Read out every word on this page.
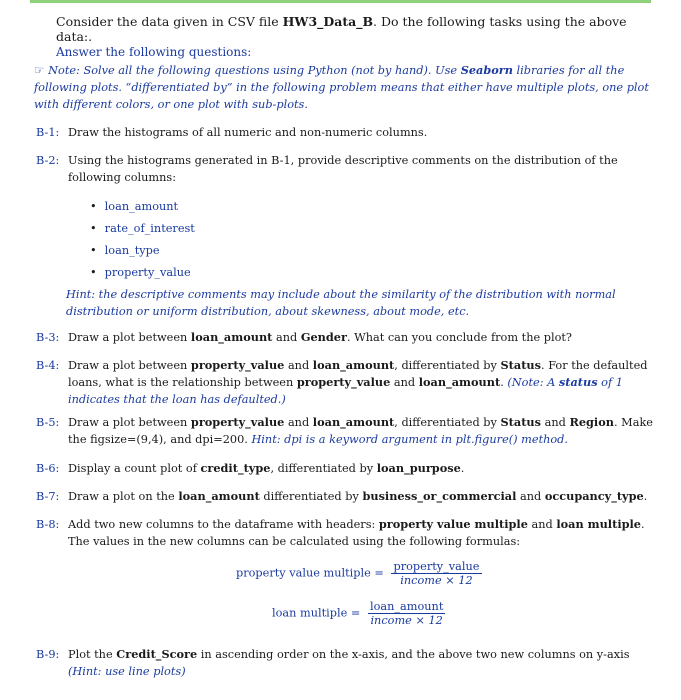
Consider the data given in CSV file HW3_Data_B. Do the following tasks using the above data:.
Answer the following questions:
☞ Note: Solve all the following questions using Python (not by hand). Use Seaborn libraries for all the following plots. “differentiated by” in the following problem means that either have multiple plots, one plot with different colors, or one plot with sub-plots.
B-1: Draw the histograms of all numeric and non-numeric columns.
B-2: Using the histograms generated in B-1, provide descriptive comments on the distribution of the following columns:
• loan_amount
• rate_of_interest
• loan_type
• property_value
Hint: the descriptive comments may include about the similarity of the distribution with normal distribution or uniform distribution, about skewness, about mode, etc.
B-3: Draw a plot between loan_amount and Gender. What can you conclude from the plot?
B-4: Draw a plot between property_value and loan_amount, differentiated by Status. For the defaulted loans, what is the relationship between property_value and loan_amount. (Note: A status of 1 indicates that the loan has defaulted.)
B-5: Draw a plot between property_value and loan_amount, differentiated by Status and Region. Make the figsize=(9,4), and dpi=200. Hint: dpi is a keyword argument in plt.figure() method.
B-6: Display a count plot of credit_type, differentiated by loan_purpose.
B-7: Draw a plot on the loan_amount differentiated by business_or_commercial and occupancy_type.
B-8: Add two new columns to the dataframe with headers: property value multiple and loan multiple. The values in the new columns can be calculated using the following formulas:
property value multiple = $\frac{\text{property\_value}}{\text{income × 12}}$
loan multiple = $\frac{\text{loan\_amount}}{\text{income × 12}}$
B-9: Plot the Credit_Score in ascending order on the x-axis, and the above two new columns on y-axis (Hint: use line plots)
